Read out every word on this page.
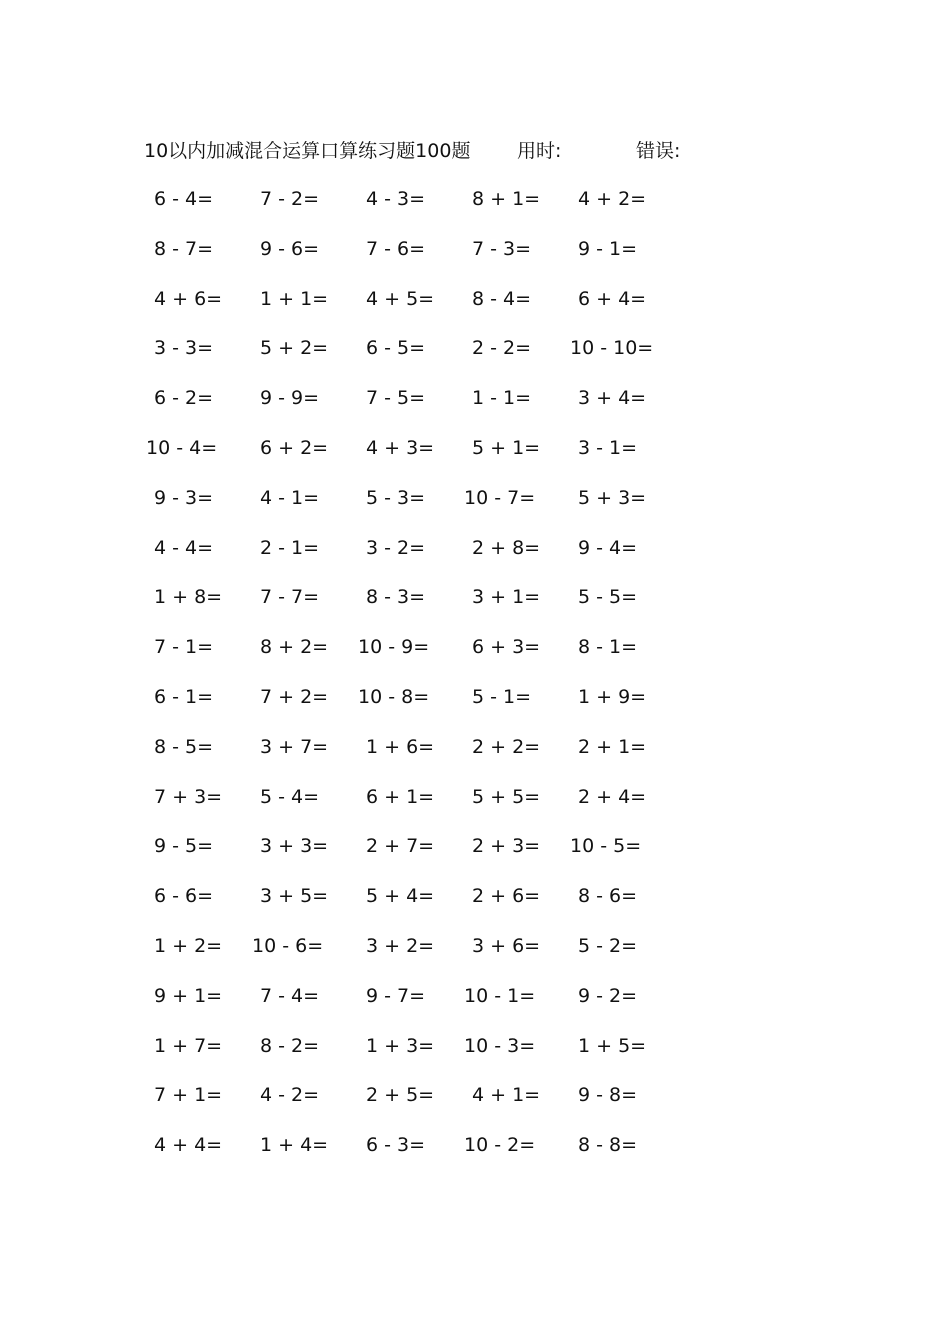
10以内加减混合运算口算练习题100题 用时:	错误:
6 - 4= 7 - 2= 4 - 3= 8 + 1= 4 + 2=
8 - 7= 9 - 6= 7 - 6= 7 - 3= 9 - 1=
4 + 6= 1 + 1= 4 + 5= 8 - 4= 6 + 4=
3 - 3= 5 + 2= 6 - 5= 2 - 2= 10 - 10=
6 - 2= 9 - 9= 7 - 5= 1 - 1= 3 + 4=
10 - 4= 6 + 2= 4 + 3= 5 + 1= 3 - 1=
9 - 3= 4 - 1= 5 - 3= 10 - 7= 5 + 3=
4 - 4= 2 - 1= 3 - 2= 2 + 8= 9 - 4=
1 + 8= 7 - 7= 8 - 3= 3 + 1= 5 - 5=
7 - 1= 8 + 2= 10 - 9= 6 + 3= 8 - 1=
6 - 1= 7 + 2= 10 - 8= 5 - 1= 1 + 9=
8 - 5= 3 + 7= 1 + 6= 2 + 2= 2 + 1=
7 + 3= 5 - 4= 6 + 1= 5 + 5= 2 + 4=
9 - 5= 3 + 3= 2 + 7= 2 + 3= 10 - 5=
6 - 6= 3 + 5= 5 + 4= 2 + 6= 8 - 6=
1 + 2= 10 - 6= 3 + 2= 3 + 6= 5 - 2=
9 + 1= 7 - 4= 9 - 7= 10 - 1= 9 - 2=
1 + 7= 8 - 2= 1 + 3= 10 - 3= 1 + 5=
7 + 1= 4 - 2= 2 + 5= 4 + 1= 9 - 8=
4 + 4= 1 + 4= 6 - 3= 10 - 2= 8 - 8=
